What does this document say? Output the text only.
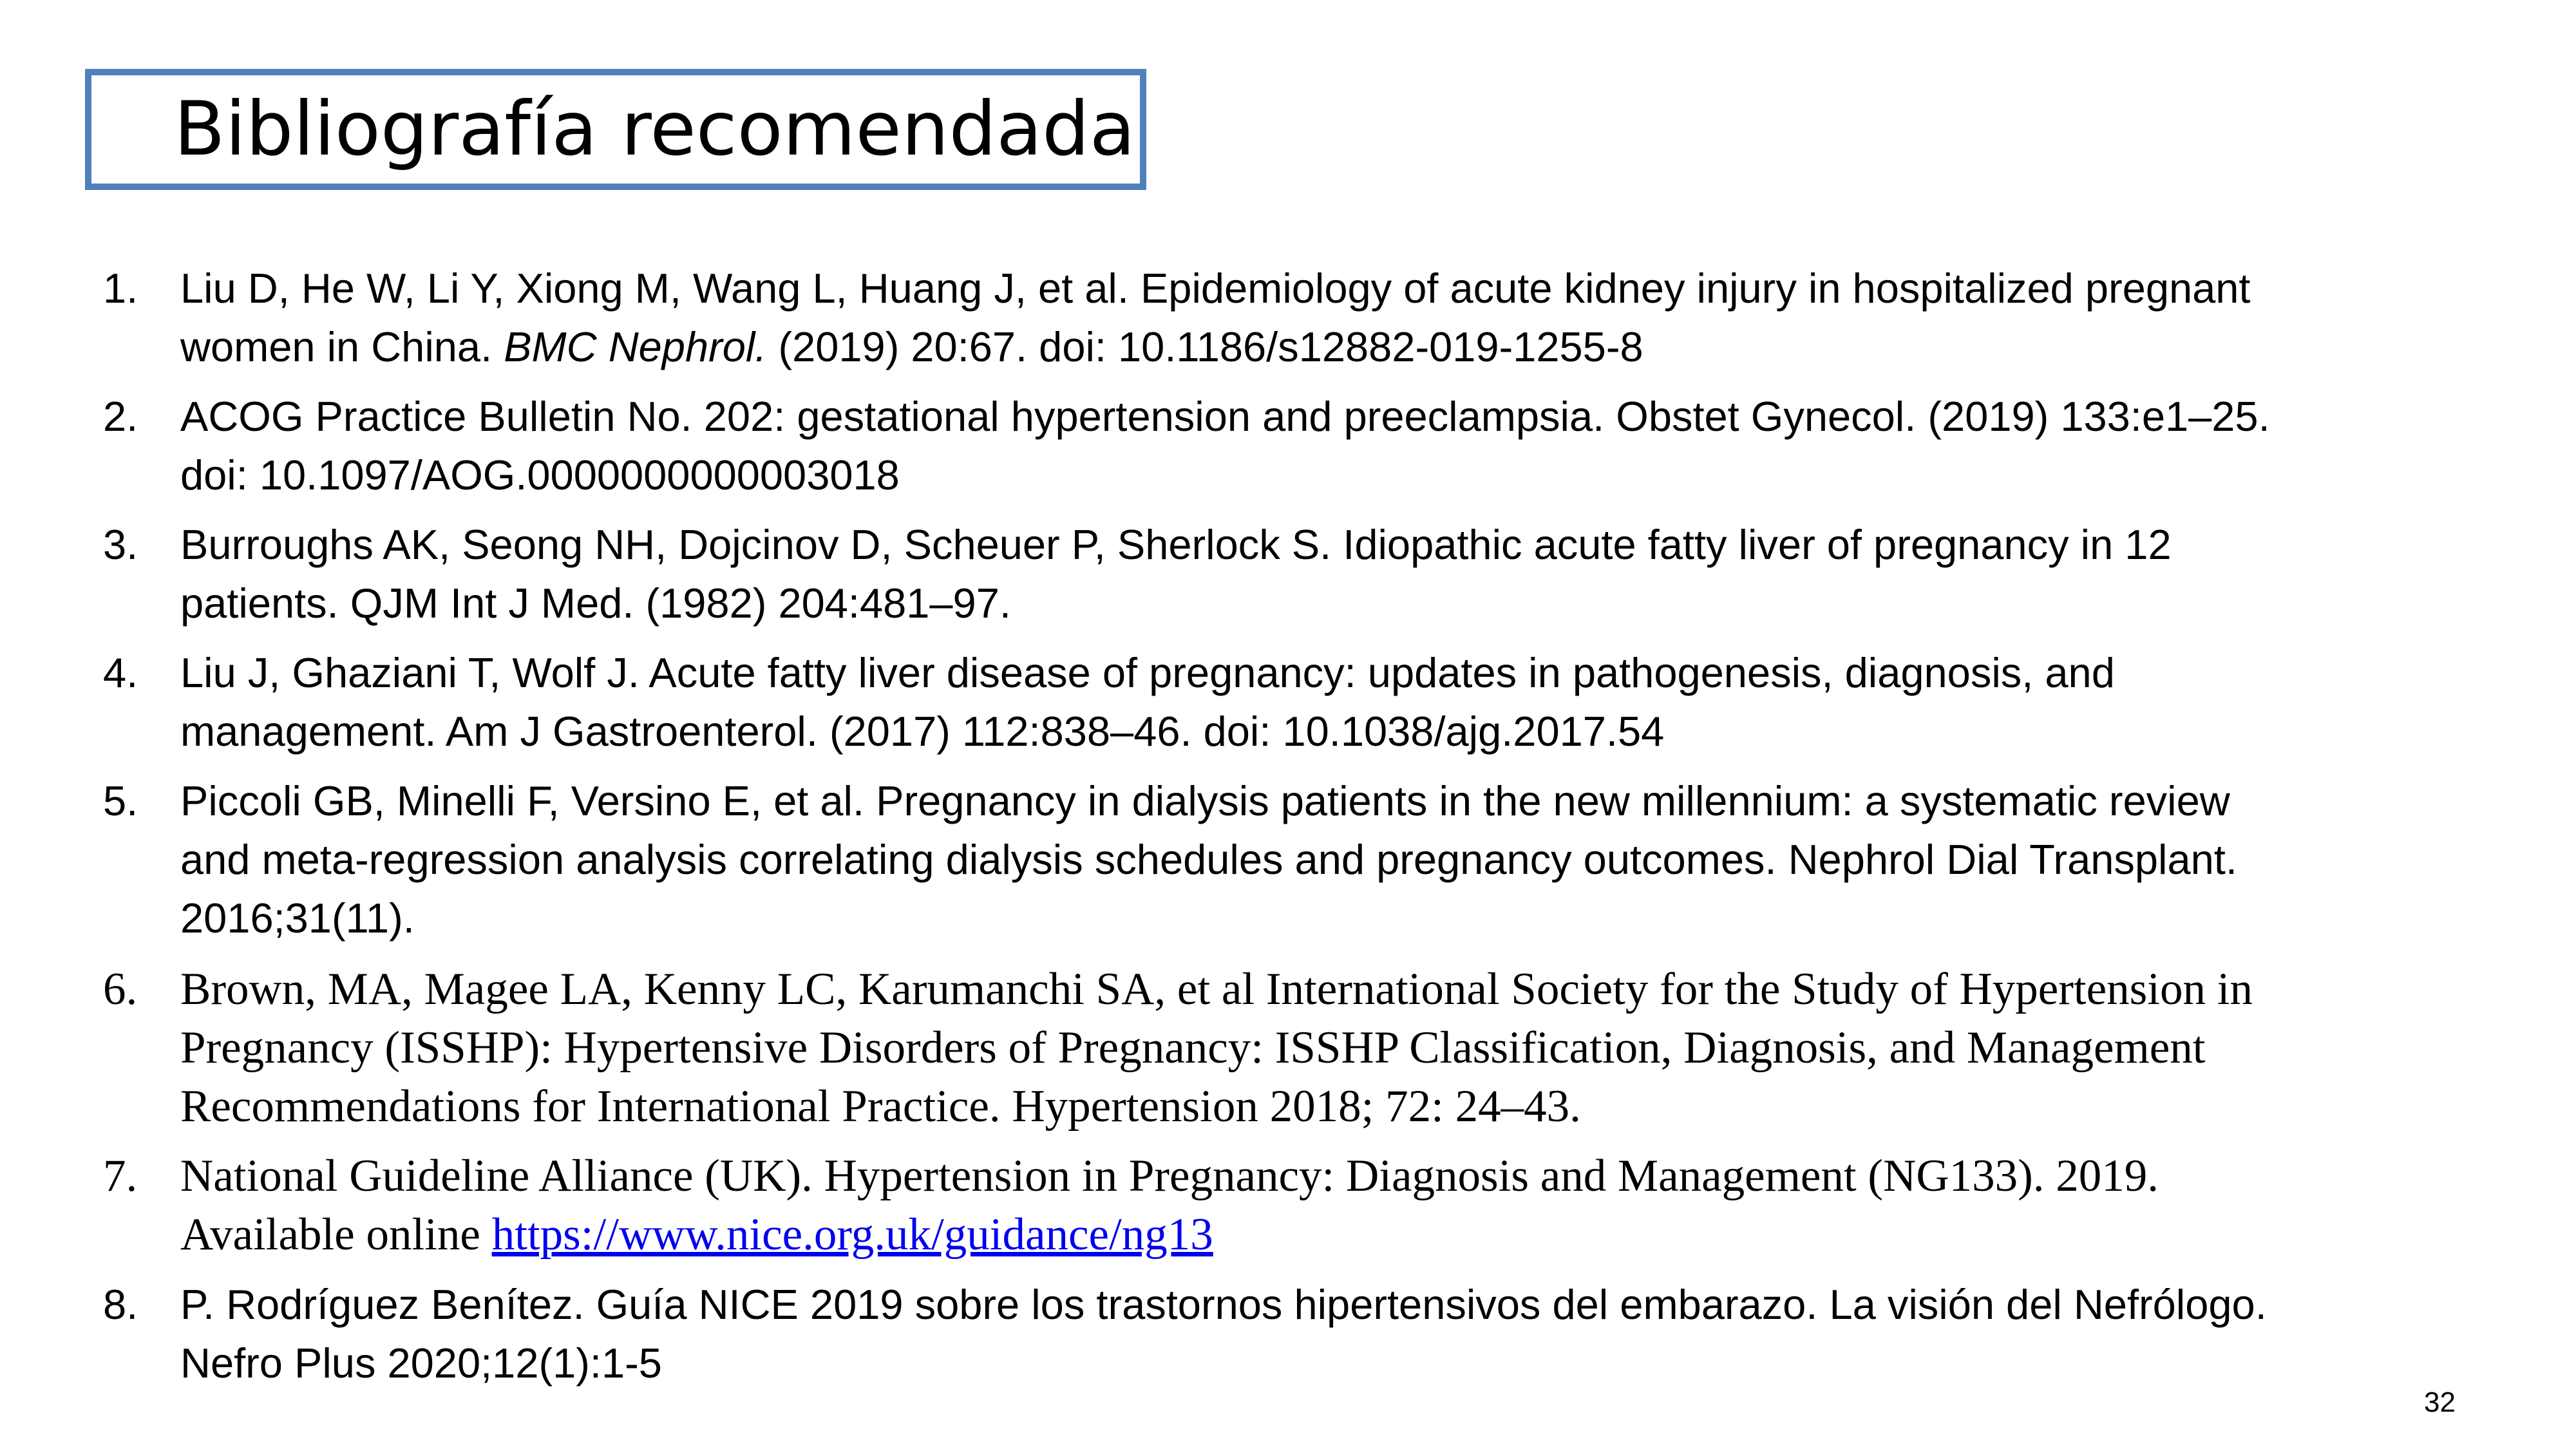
Bibliografía recomendada
1. Liu D, He W, Li Y, Xiong M, Wang L, Huang J, et al. Epidemiology of acute kidney injury in hospitalized pregnant
women in China. BMC Nephrol. (2019) 20:67. doi: 10.1186/s12882-019-1255-8
2. ACOG Practice Bulletin No. 202: gestational hypertension and preeclampsia. Obstet Gynecol. (2019) 133:e1–25.
doi: 10.1097/AOG.0000000000003018
3. Burroughs AK, Seong NH, Dojcinov D, Scheuer P, Sherlock S. Idiopathic acute fatty liver of pregnancy in 12
patients. QJM Int J Med. (1982) 204:481–97.
4. Liu J, Ghaziani T, Wolf J. Acute fatty liver disease of pregnancy: updates in pathogenesis, diagnosis, and
management. Am J Gastroenterol. (2017) 112:838–46. doi: 10.1038/ajg.2017.54
5. Piccoli GB, Minelli F, Versino E, et al. Pregnancy in dialysis patients in the new millennium: a systematic review
and meta-regression analysis correlating dialysis schedules and pregnancy outcomes. Nephrol Dial Transplant.
2016;31(11).
6. Brown, MA, Magee LA, Kenny LC, Karumanchi SA, et al International Society for the Study of Hypertension in
Pregnancy (ISSHP): Hypertensive Disorders of Pregnancy: ISSHP Classification, Diagnosis, and Management
Recommendations for International Practice. Hypertension 2018; 72: 24–43.
7. National Guideline Alliance (UK). Hypertension in Pregnancy: Diagnosis and Management (NG133). 2019.
Available online https://www.nice.org.uk/guidance/ng13
8. P. Rodríguez Benítez. Guía NICE 2019 sobre los trastornos hipertensivos del embarazo. La visión del Nefrólogo.
Nefro Plus 2020;12(1):1-5
32
